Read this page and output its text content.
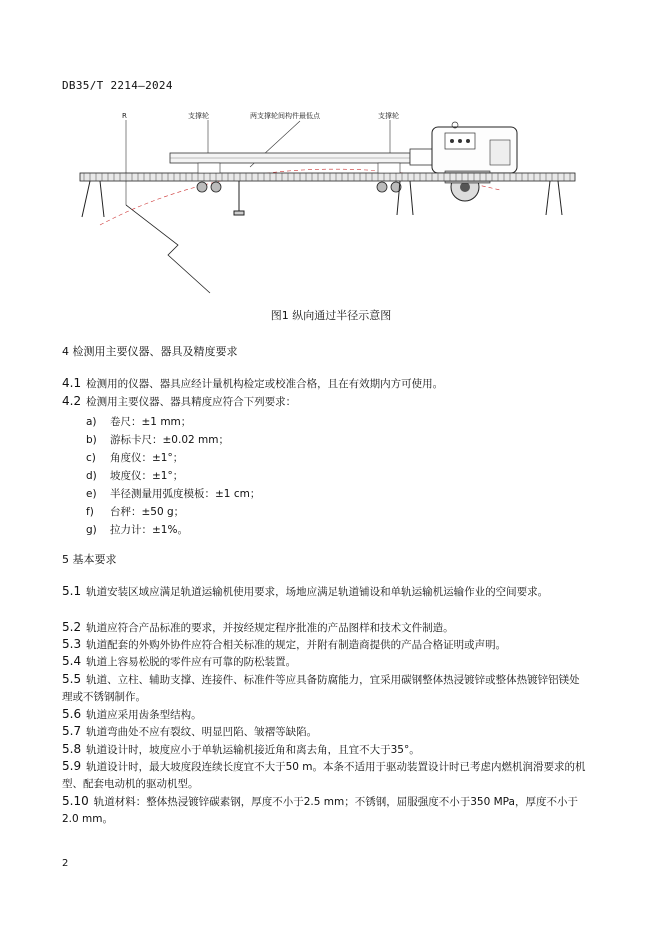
DB35/T 2214—2024
R	支撑轮	两支撑轮间构件最低点	支撑轮
图1 纵向通过半径示意图
4 检测用主要仪器、器具及精度要求
4.1 检测用的仪器、器具应经计量机构检定或校准合格，且在有效期内方可使用。
4.2 检测用主要仪器、器具精度应符合下列要求：
a) 卷尺：±1 mm；
b) 游标卡尺：±0.02 mm；
c) 角度仪：±1°；
d) 坡度仪：±1°；
e) 半径测量用弧度模板：±1 cm；
f) 台秤：±50 g；
g) 拉力计：±1%。
5 基本要求
5.1 轨道安装区域应满足轨道运输机使用要求，场地应满足轨道铺设和单轨运输机运输作业的空间要求。
5.2 轨道应符合产品标准的要求，并按经规定程序批准的产品图样和技术文件制造。
5.3 轨道配套的外购外协件应符合相关标准的规定，并附有制造商提供的产品合格证明或声明。
5.4 轨道上容易松脱的零件应有可靠的防松装置。
5.5 轨道、立柱、辅助支撑、连接件、标准件等应具备防腐能力，宜采用碳钢整体热浸镀锌或整体热镀锌铝镁处理或不锈钢制作。
5.6 轨道应采用齿条型结构。
5.7 轨道弯曲处不应有裂纹、明显凹陷、皱褶等缺陷。
5.8 轨道设计时，坡度应小于单轨运输机接近角和离去角，且宜不大于35°。
5.9 轨道设计时，最大坡度段连续长度宜不大于50 m。本条不适用于驱动装置设计时已考虑内燃机润滑要求的机型、配套电动机的驱动机型。
5.10 轨道材料：整体热浸镀锌碳素钢，厚度不小于2.5 mm；不锈钢，屈服强度不小于350 MPa，厚度不小于2.0 mm。
2
